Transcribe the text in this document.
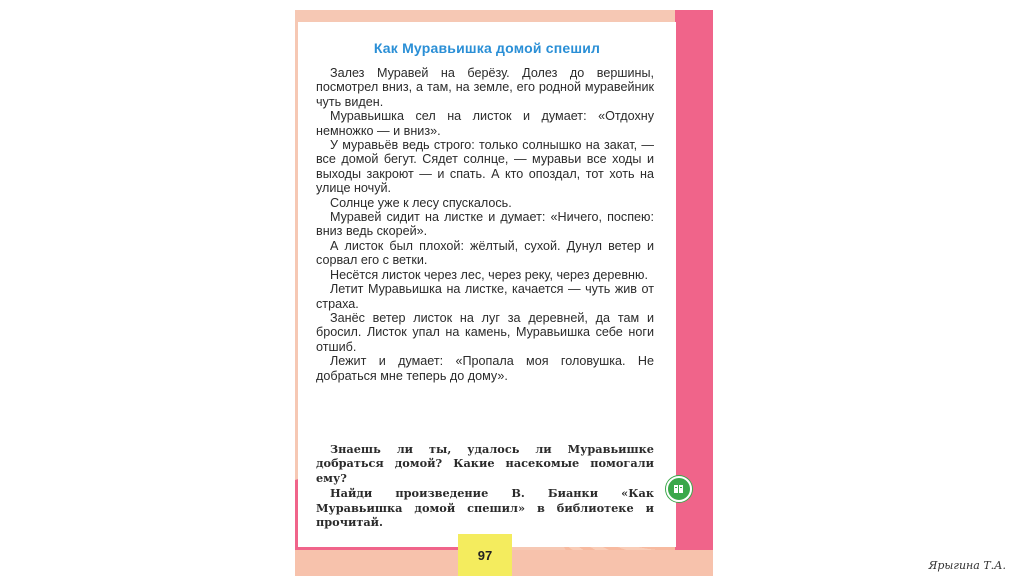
Как Муравьишка домой спешил

Залез Муравей на берёзу. Долез до вершины, посмотрел вниз, а там, на земле, его родной муравейник чуть виден.

Муравьишка сел на листок и думает: «Отдохну немножко — и вниз».

У муравьёв ведь строго: только солнышко на закат, — все домой бегут. Сядет солнце, — муравьи все ходы и выходы закроют — и спать. А кто опоздал, тот хоть на улице ночуй.

Солнце уже к лесу спускалось.

Муравей сидит на листке и думает: «Ничего, поспею: вниз ведь скорей».

А листок был плохой: жёлтый, сухой. Дунул ветер и сорвал его с ветки.

Несётся листок через лес, через реку, через деревню.

Летит Муравьишка на листке, качается — чуть жив от страха.

Занёс ветер листок на луг за деревней, да там и бросил. Листок упал на камень, Муравьишка себе ноги отшиб.

Лежит и думает: «Пропала моя головушка. Не добраться мне теперь до дому».

Знаешь ли ты, удалось ли Муравьишке добраться домой? Какие насекомые помогали ему?

Найди произведение В. Бианки «Как Муравьишка домой спешил» в библиотеке и прочитай.

97
Ярыгина Т.А.
